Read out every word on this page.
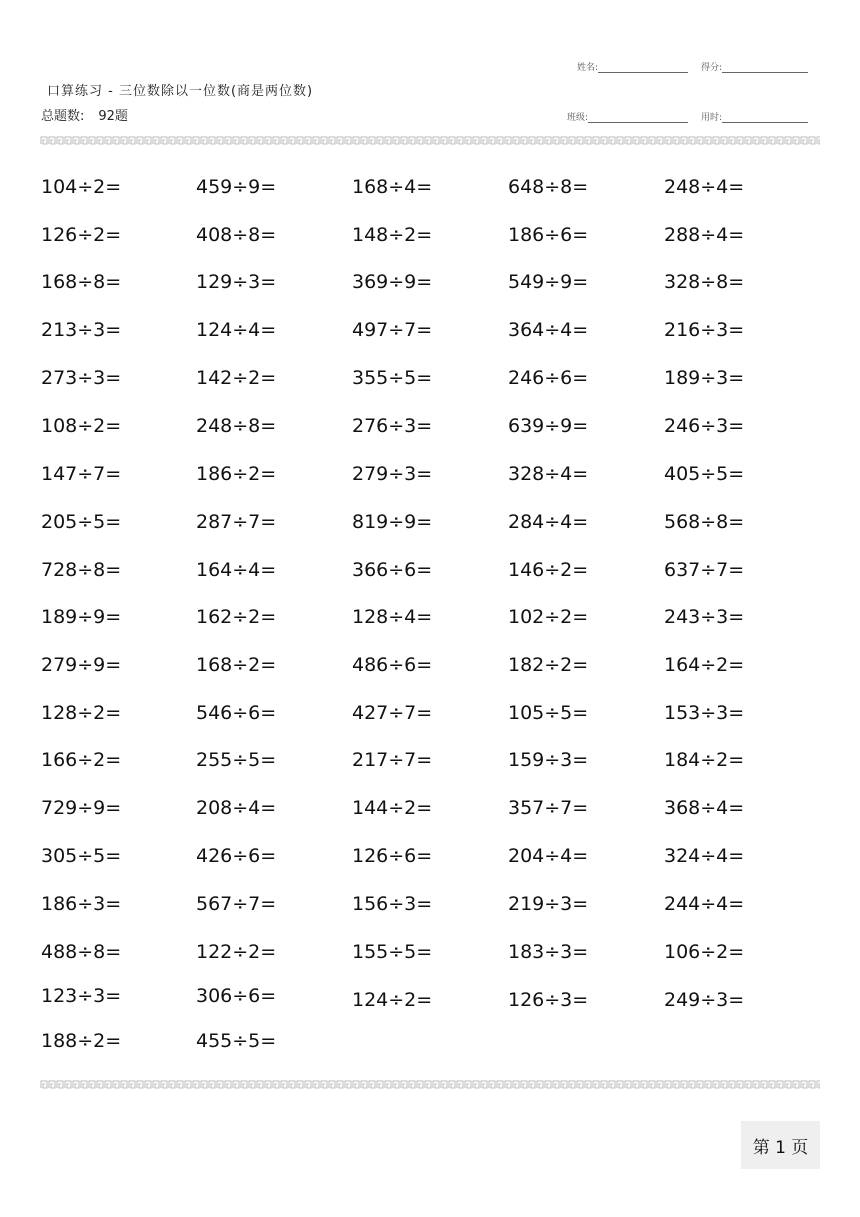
口算练习 - 三位数除以一位数(商是两位数)
总题数: 92题
姓名:	得分:
班级:	用时:
104÷2=
126÷2=
168÷8=
213÷3=
273÷3=
108÷2=
147÷7=
205÷5=
728÷8=
189÷9=
279÷9=
128÷2=
166÷2=
729÷9=
305÷5=
186÷3=
488÷8=
123÷3=
188÷2=
459÷9=
408÷8=
129÷3=
124÷4=
142÷2=
248÷8=
186÷2=
287÷7=
164÷4=
162÷2=
168÷2=
546÷6=
255÷5=
208÷4=
426÷6=
567÷7=
122÷2=
306÷6=
455÷5=
168÷4=
148÷2=
369÷9=
497÷7=
355÷5=
276÷3=
279÷3=
819÷9=
366÷6=
128÷4=
486÷6=
427÷7=
217÷7=
144÷2=
126÷6=
156÷3=
155÷5=
124÷2=
648÷8=
186÷6=
549÷9=
364÷4=
246÷6=
639÷9=
328÷4=
284÷4=
146÷2=
102÷2=
182÷2=
105÷5=
159÷3=
357÷7=
204÷4=
219÷3=
183÷3=
126÷3=
248÷4=
288÷4=
328÷8=
216÷3=
189÷3=
246÷3=
405÷5=
568÷8=
637÷7=
243÷3=
164÷2=
153÷3=
184÷2=
368÷4=
324÷4=
244÷4=
106÷2=
249÷3=
第 1 页
